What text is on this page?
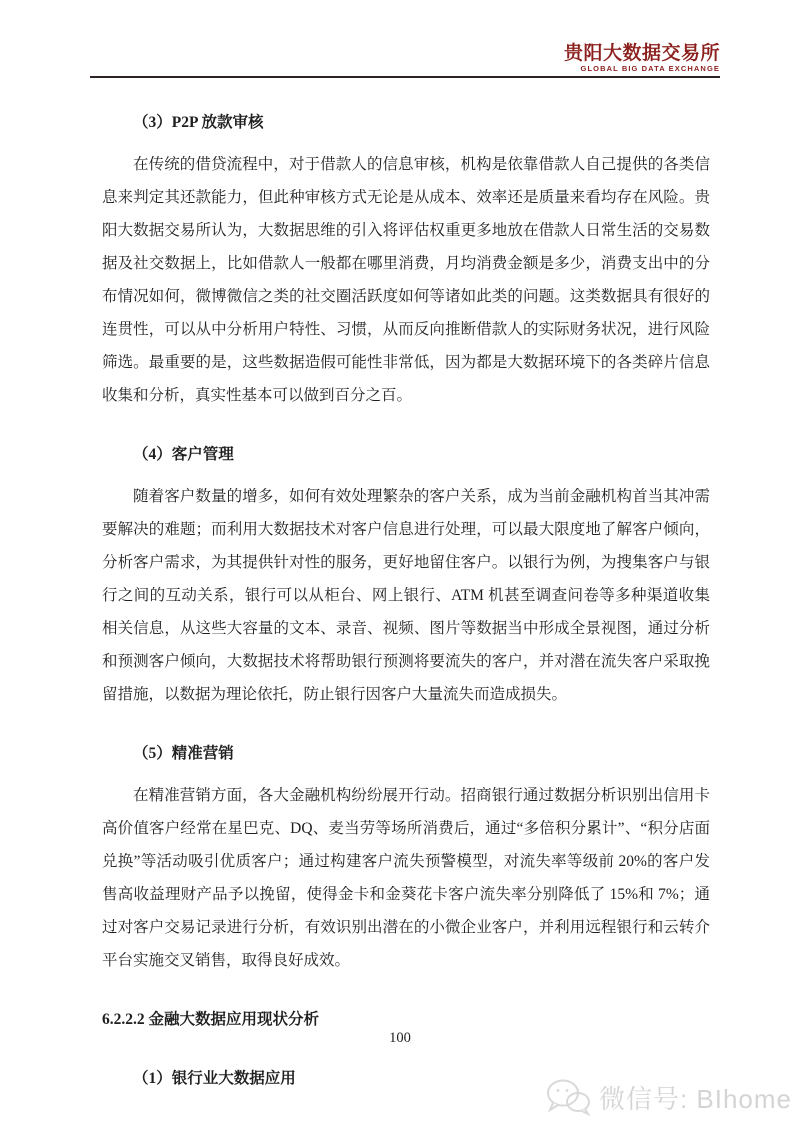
贵阳大数据交易所
GLOBAL BIG DATA EXCHANGE
（3）P2P 放款审核

在传统的借贷流程中，对于借款人的信息审核，机构是依靠借款人自己提供的各类信息来判定其还款能力，但此种审核方式无论是从成本、效率还是质量来看均存在风险。贵阳大数据交易所认为，大数据思维的引入将评估权重更多地放在借款人日常生活的交易数据及社交数据上，比如借款人一般都在哪里消费，月均消费金额是多少，消费支出中的分布情况如何，微博微信之类的社交圈活跃度如何等诸如此类的问题。这类数据具有很好的连贯性，可以从中分析用户特性、习惯，从而反向推断借款人的实际财务状况，进行风险筛选。最重要的是，这些数据造假可能性非常低，因为都是大数据环境下的各类碎片信息收集和分析，真实性基本可以做到百分之百。

（4）客户管理

随着客户数量的增多，如何有效处理繁杂的客户关系，成为当前金融机构首当其冲需要解决的难题；而利用大数据技术对客户信息进行处理，可以最大限度地了解客户倾向，分析客户需求，为其提供针对性的服务，更好地留住客户。以银行为例，为搜集客户与银行之间的互动关系，银行可以从柜台、网上银行、ATM 机甚至调查问卷等多种渠道收集相关信息，从这些大容量的文本、录音、视频、图片等数据当中形成全景视图，通过分析和预测客户倾向，大数据技术将帮助银行预测将要流失的客户，并对潜在流失客户采取挽留措施，以数据为理论依托，防止银行因客户大量流失而造成损失。

（5）精准营销

在精准营销方面，各大金融机构纷纷展开行动。招商银行通过数据分析识别出信用卡高价值客户经常在星巴克、DQ、麦当劳等场所消费后，通过“多倍积分累计”、“积分店面兑换”等活动吸引优质客户；通过构建客户流失预警模型，对流失率等级前 20%的客户发售高收益理财产品予以挽留，使得金卡和金葵花卡客户流失率分别降低了 15%和 7%；通过对客户交易记录进行分析，有效识别出潜在的小微企业客户，并利用远程银行和云转介平台实施交叉销售，取得良好成效。

6.2.2.2 金融大数据应用现状分析
（1）银行业大数据应用
100
微信号: BIhome
